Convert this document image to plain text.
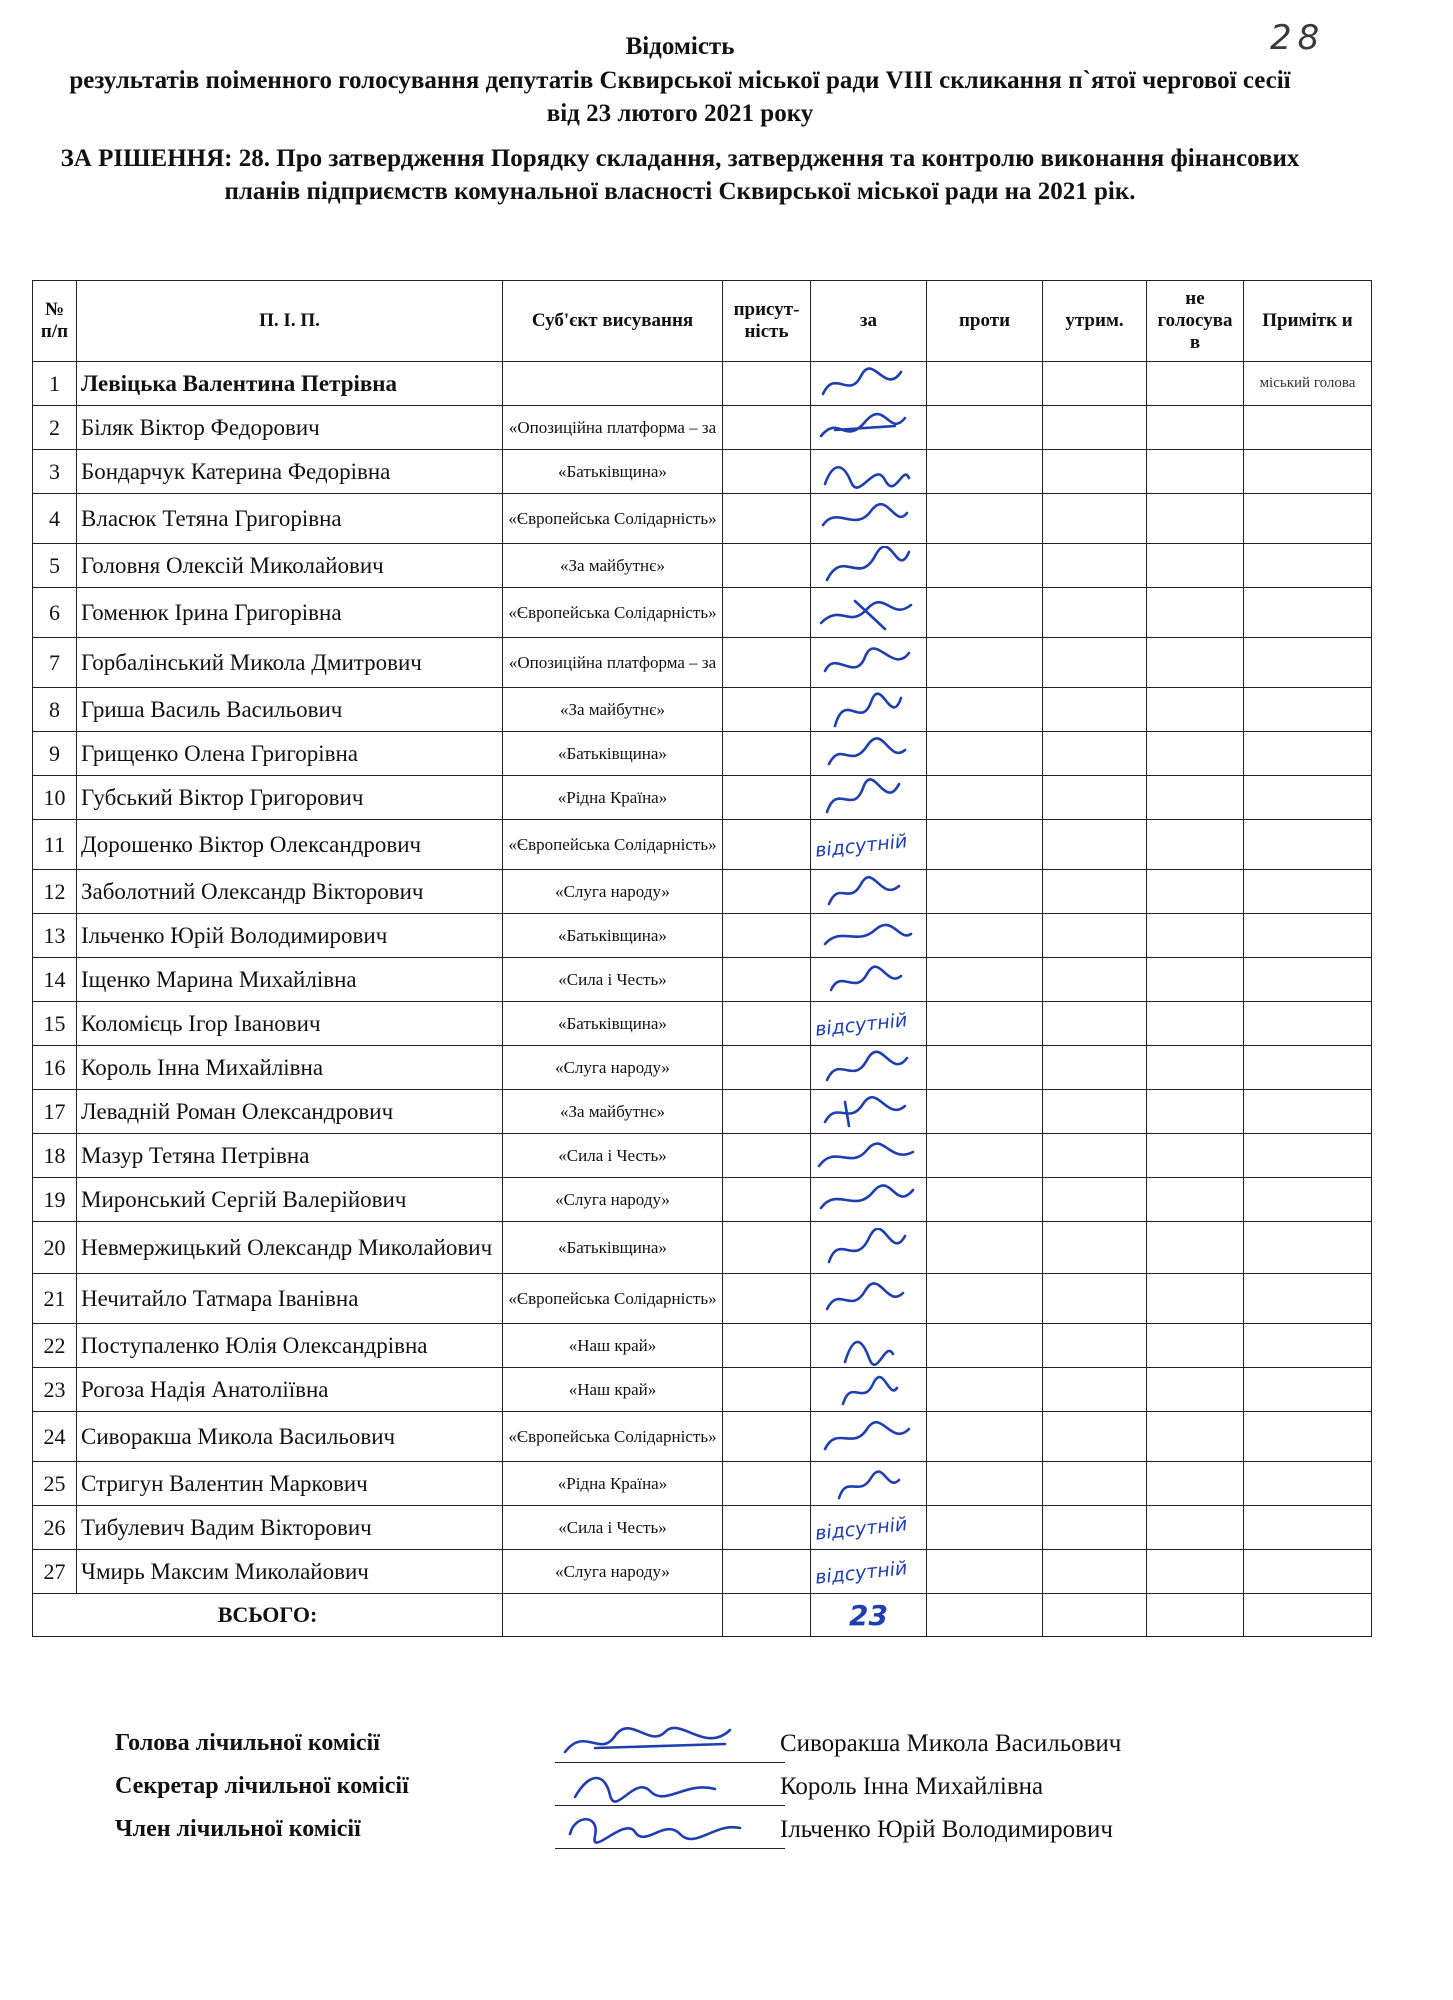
28

Відомість

результатів поіменного голосування депутатів Сквирської міської ради VIII скликання п`ятої чергової сесії від 23 лютого 2021 року

ЗА РІШЕННЯ: 28. Про затвердження Порядку складання, затвердження та контролю виконання фінансових планів підприємств комунальної власності Сквирської міської ради на 2021 рік.

№ п/п	П. І. П.	Суб'єкт висування	присут-ність	за	проти	утрим.	не голосува в	Примітк и
1	Левіцька Валентина Петрівна							міський голова
2	Біляк Віктор Федорович	«Опозиційна платформа – за		

3	Бондарчук Катерина Федорівна	«Батьківщина»		

4	Власюк Тетяна Григорівна	«Європейська Солідарність»		

5	Головня Олексій Миколайович	«За майбутнє»		

6	Гоменюк Ірина Григорівна	«Європейська Солідарність»		

7	Горбалінський Микола Дмитрович	«Опозиційна платформа – за		

8	Гриша Василь Васильович	«За майбутнє»		

9	Грищенко Олена Григорівна	«Батьківщина»		

10	Губський Віктор Григорович	«Рідна Країна»		

11	Дорошенко Віктор Олександрович	«Європейська Солідарність»		відсутній				
12	Заболотний Олександр Вікторович	«Слуга народу»		

13	Ільченко Юрій Володимирович	«Батьківщина»		

14	Іщенко Марина Михайлівна	«Сила і Честь»		

15	Коломієць Ігор Іванович	«Батьківщина»		відсутній				
16	Король Інна Михайлівна	«Слуга народу»		

17	Левадній Роман Олександрович	«За майбутнє»		

18	Мазур Тетяна Петрівна	«Сила і Честь»		

19	Миронський Сергій Валерійович	«Слуга народу»		

20	Невмержицький Олександр Миколайович	«Батьківщина»		

21	Нечитайло Татмара Іванівна	«Європейська Солідарність»		

22	Поступаленко Юлія Олександрівна	«Наш край»		

23	Рогоза Надія Анатоліївна	«Наш край»		

24	Сиворакша Микола Васильович	«Європейська Солідарність»		

25	Стригун Валентин Маркович	«Рідна Країна»		

26	Тибулевич Вадим Вікторович	«Сила і Честь»		відсутній				
27	Чмирь Максим Миколайович	«Слуга народу»		відсутній				
ВСЬОГО:				23				
Голова лічильної комісії	Сиворакша Микола Васильович
Секретар лічильної комісії	Король Інна Михайлівна
Член лічильної комісії	Ільченко Юрій Володимирович
